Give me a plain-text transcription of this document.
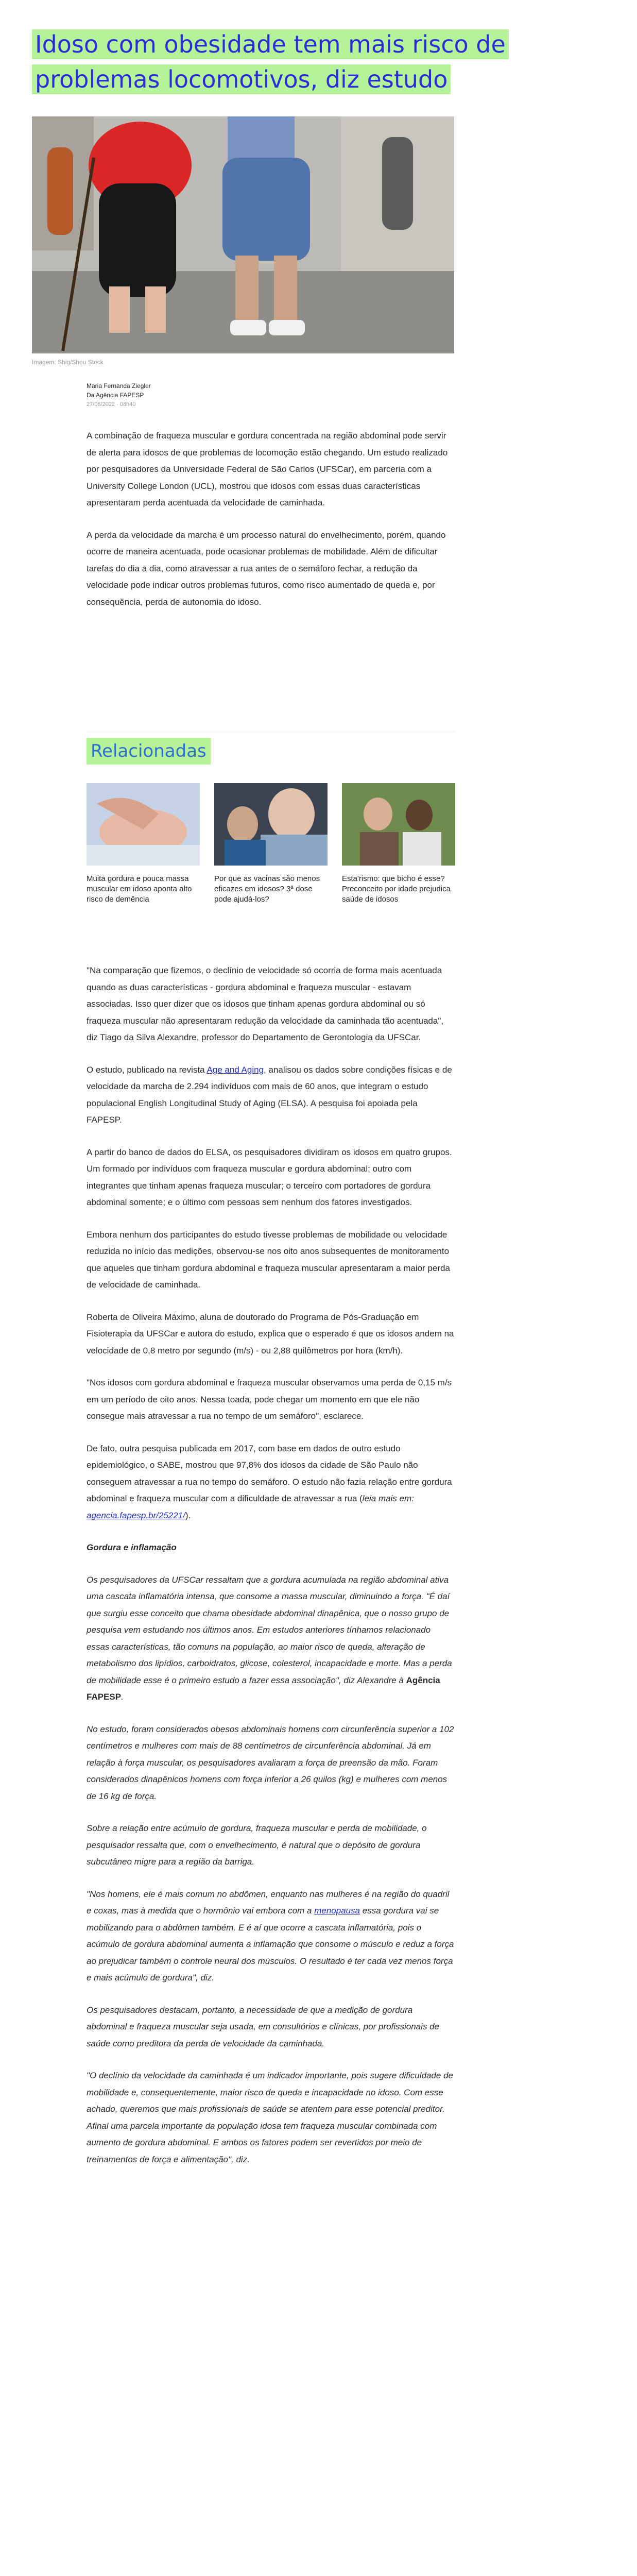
Idoso com obesidade tem mais risco de problemas locomotivos, diz estudo
Imagem: Shig/Shou Stock
Maria Fernanda Ziegler
Da Agência FAPESP
27/06/2022 · 08h40

A combinação de fraqueza muscular e gordura concentrada na região abdominal pode servir de alerta para idosos de que problemas de locomoção estão chegando. Um estudo realizado por pesquisadores da Universidade Federal de São Carlos (UFSCar), em parceria com a University College London (UCL), mostrou que idosos com essas duas características apresentaram perda acentuada da velocidade de caminhada.

A perda da velocidade da marcha é um processo natural do envelhecimento, porém, quando ocorre de maneira acentuada, pode ocasionar problemas de mobilidade. Além de dificultar tarefas do dia a dia, como atravessar a rua antes de o semáforo fechar, a redução da velocidade pode indicar outros problemas futuros, como risco aumentado de queda e, por consequência, perda de autonomia do idoso.

Relacionadas
Muita gordura e pouca massa muscular em idoso aponta alto risco de demência
Por que as vacinas são menos eficazes em idosos? 3ª dose pode ajudá-los?
Esta'rismo: que bicho é esse? Preconceito por idade prejudica saúde de idosos

"Na comparação que fizemos, o declínio de velocidade só ocorria de forma mais acentuada quando as duas características - gordura abdominal e fraqueza muscular - estavam associadas. Isso quer dizer que os idosos que tinham apenas gordura abdominal ou só fraqueza muscular não apresentaram redução da velocidade da caminhada tão acentuada", diz Tiago da Silva Alexandre, professor do Departamento de Gerontologia da UFSCar.

O estudo, publicado na revista Age and Aging, analisou os dados sobre condições físicas e de velocidade da marcha de 2.294 indivíduos com mais de 60 anos, que integram o estudo populacional English Longitudinal Study of Aging (ELSA). A pesquisa foi apoiada pela FAPESP.

A partir do banco de dados do ELSA, os pesquisadores dividiram os idosos em quatro grupos. Um formado por indivíduos com fraqueza muscular e gordura abdominal; outro com integrantes que tinham apenas fraqueza muscular; o terceiro com portadores de gordura abdominal somente; e o último com pessoas sem nenhum dos fatores investigados.

Embora nenhum dos participantes do estudo tivesse problemas de mobilidade ou velocidade reduzida no início das medições, observou-se nos oito anos subsequentes de monitoramento que aqueles que tinham gordura abdominal e fraqueza muscular apresentaram a maior perda de velocidade de caminhada.

Roberta de Oliveira Máximo, aluna de doutorado do Programa de Pós-Graduação em Fisioterapia da UFSCar e autora do estudo, explica que o esperado é que os idosos andem na velocidade de 0,8 metro por segundo (m/s) - ou 2,88 quilômetros por hora (km/h).

"Nos idosos com gordura abdominal e fraqueza muscular observamos uma perda de 0,15 m/s em um período de oito anos. Nessa toada, pode chegar um momento em que ele não consegue mais atravessar a rua no tempo de um semáforo", esclarece.

De fato, outra pesquisa publicada em 2017, com base em dados de outro estudo epidemiológico, o SABE, mostrou que 97,8% dos idosos da cidade de São Paulo não conseguem atravessar a rua no tempo do semáforo. O estudo não fazia relação entre gordura abdominal e fraqueza muscular com a dificuldade de atravessar a rua (leia mais em: agencia.fapesp.br/25221/).

Gordura e inflamação

Os pesquisadores da UFSCar ressaltam que a gordura acumulada na região abdominal ativa uma cascata inflamatória intensa, que consome a massa muscular, diminuindo a força. "É daí que surgiu esse conceito que chama obesidade abdominal dinapênica, que o nosso grupo de pesquisa vem estudando nos últimos anos. Em estudos anteriores tínhamos relacionado essas características, tão comuns na população, ao maior risco de queda, alteração de metabolismo dos lipídios, carboidratos, glicose, colesterol, incapacidade e morte. Mas a perda de mobilidade esse é o primeiro estudo a fazer essa associação", diz Alexandre à Agência FAPESP.

No estudo, foram considerados obesos abdominais homens com circunferência superior a 102 centímetros e mulheres com mais de 88 centímetros de circunferência abdominal. Já em relação à força muscular, os pesquisadores avaliaram a força de preensão da mão. Foram considerados dinapênicos homens com força inferior a 26 quilos (kg) e mulheres com menos de 16 kg de força.

Sobre a relação entre acúmulo de gordura, fraqueza muscular e perda de mobilidade, o pesquisador ressalta que, com o envelhecimento, é natural que o depósito de gordura subcutâneo migre para a região da barriga.

"Nos homens, ele é mais comum no abdômen, enquanto nas mulheres é na região do quadril e coxas, mas à medida que o hormônio vai embora com a menopausa essa gordura vai se mobilizando para o abdômen também. E é aí que ocorre a cascata inflamatória, pois o acúmulo de gordura abdominal aumenta a inflamação que consome o músculo e reduz a força ao prejudicar também o controle neural dos músculos. O resultado é ter cada vez menos força e mais acúmulo de gordura", diz.

Os pesquisadores destacam, portanto, a necessidade de que a medição de gordura abdominal e fraqueza muscular seja usada, em consultórios e clínicas, por profissionais de saúde como preditora da perda de velocidade da caminhada.

"O declínio da velocidade da caminhada é um indicador importante, pois sugere dificuldade de mobilidade e, consequentemente, maior risco de queda e incapacidade no idoso. Com esse achado, queremos que mais profissionais de saúde se atentem para esse potencial preditor. Afinal uma parcela importante da população idosa tem fraqueza muscular combinada com aumento de gordura abdominal. E ambos os fatores podem ser revertidos por meio de treinamentos de força e alimentação", diz.
